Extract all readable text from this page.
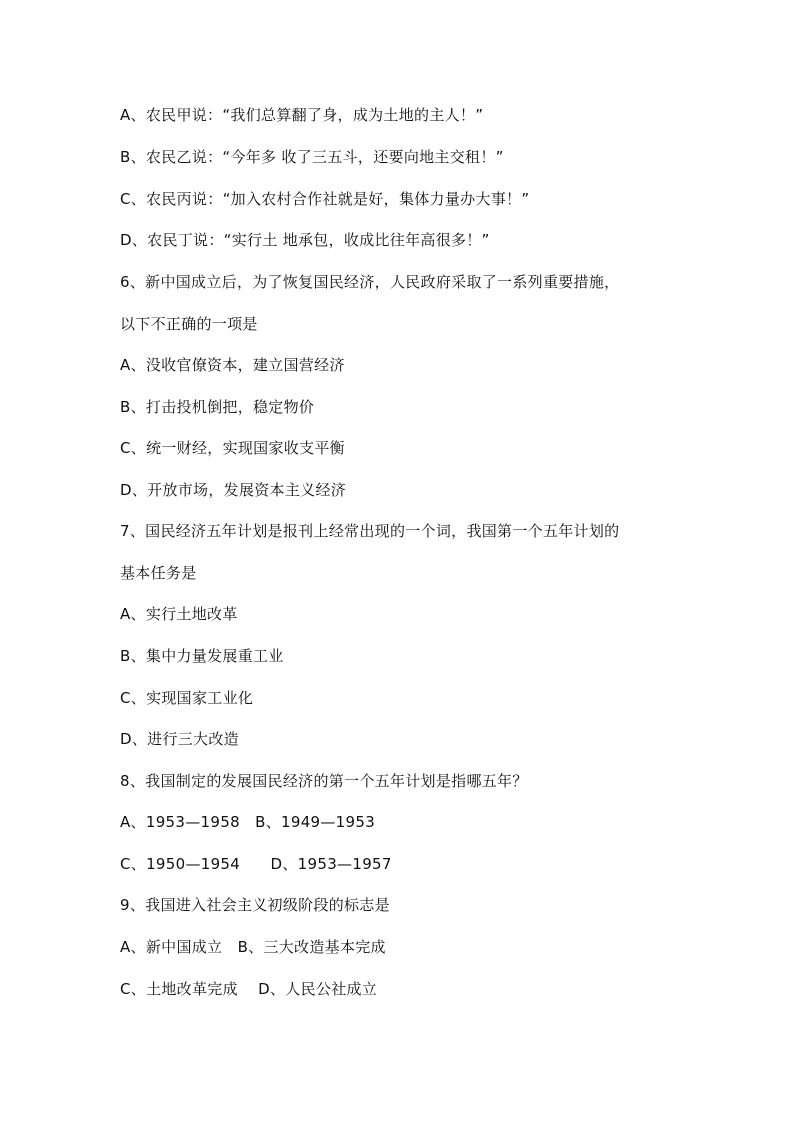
A、农民甲说：“我们总算翻了身，成为土地的主人！”
B、农民乙说：“今年多 收了三五斗，还要向地主交租！”
C、农民丙说：“加入农村合作社就是好，集体力量办大事！”
D、农民丁说：“实行土 地承包，收成比往年高很多！”
6、新中国成立后，为了恢复国民经济，人民政府采取了一系列重要措施，
以下不正确的一项是
A、没收官僚资本，建立国营经济
B、打击投机倒把，稳定物价
C、统一财经，实现国家收支平衡
D、开放市场，发展资本主义经济
7、国民经济五年计划是报刊上经常出现的一个词，我国第一个五年计划的
基本任务是
A、实行土地改革
B、集中力量发展重工业
C、实现国家工业化
D、进行三大改造
8、我国制定的发展国民经济的第一个五年计划是指哪五年？
A、1953—1958   B、1949—1953
C、1950—1954      D、1953—1957
9、我国进入社会主义初级阶段的标志是
A、新中国成立   B、三大改造基本完成
C、土地改革完成    D、人民公社成立
